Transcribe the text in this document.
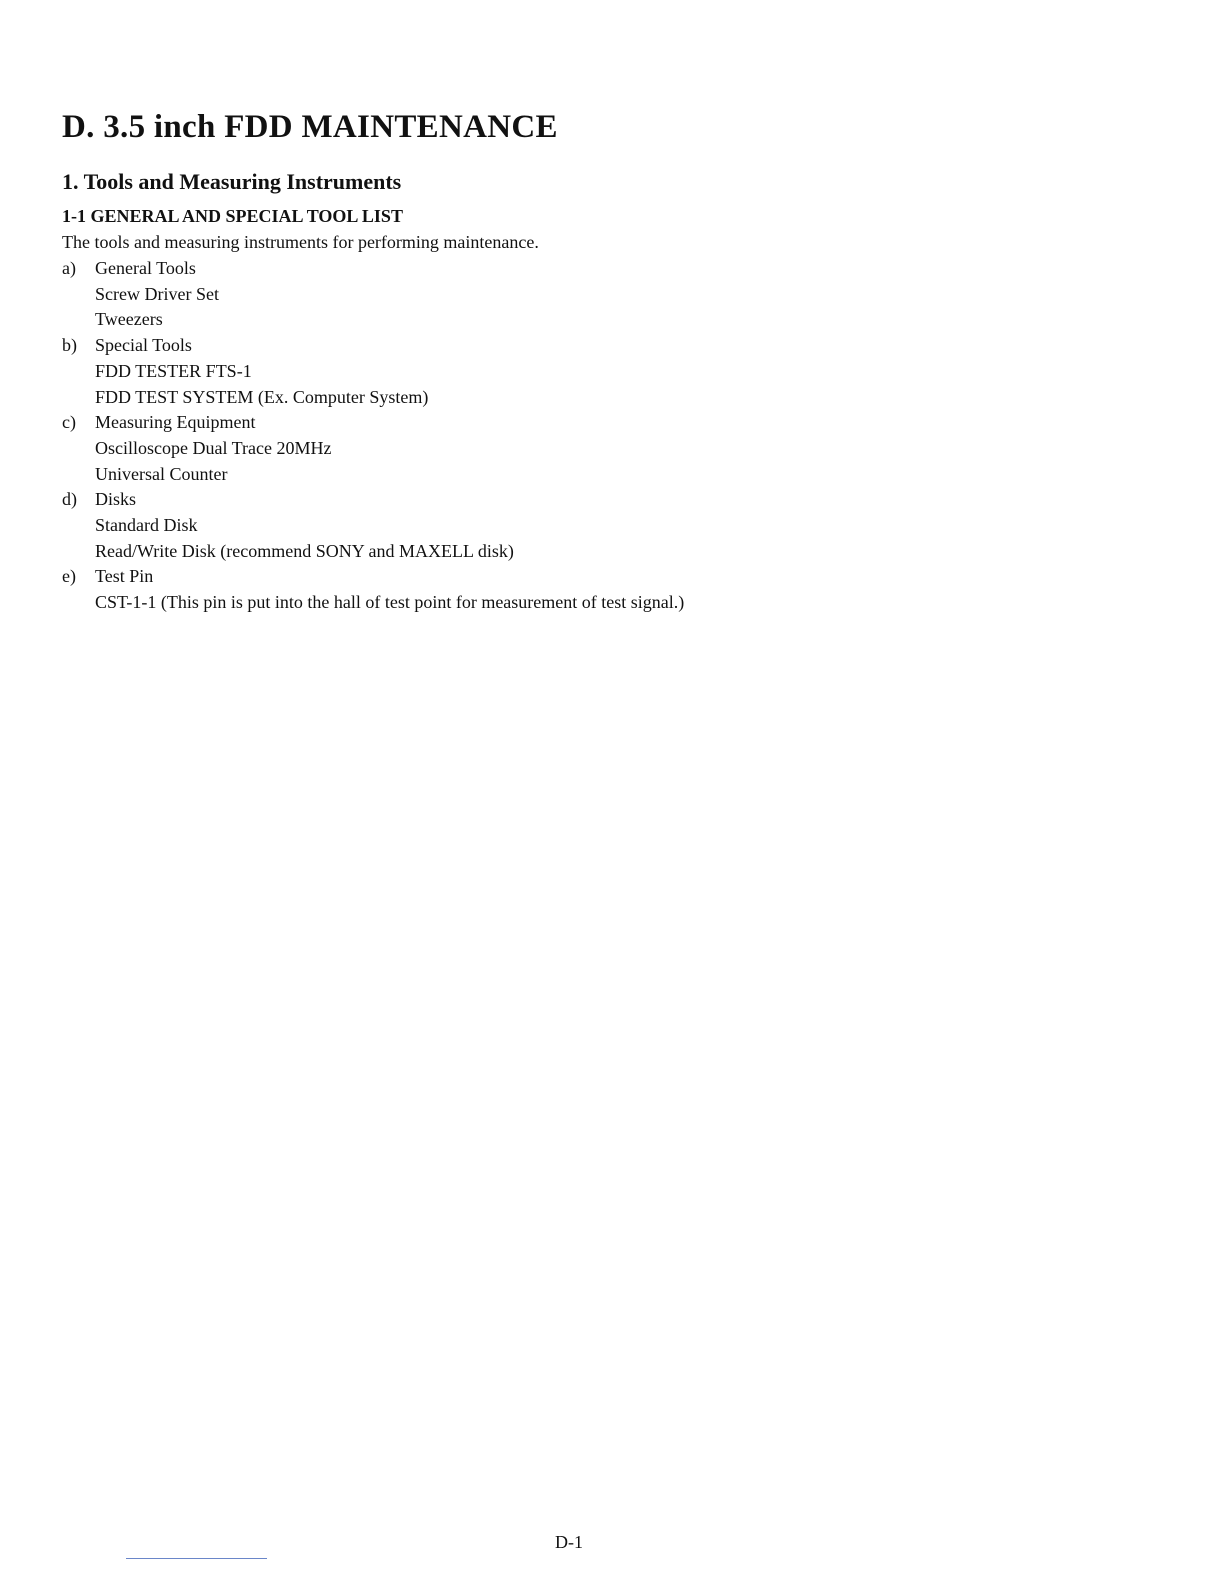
D. 3.5 inch FDD MAINTENANCE
1. Tools and Measuring Instruments
1-1 GENERAL AND SPECIAL TOOL LIST

The tools and measuring instruments for performing maintenance.

a) General Tools
Screw Driver Set
Tweezers
b) Special Tools
FDD TESTER FTS-1
FDD TEST SYSTEM (Ex. Computer System)
c) Measuring Equipment
Oscilloscope Dual Trace 20MHz
Universal Counter
d) Disks
Standard Disk
Read/Write Disk (recommend SONY and MAXELL disk)
e) Test Pin
CST-1-1 (This pin is put into the hall of test point for measurement of test signal.)
D-1
